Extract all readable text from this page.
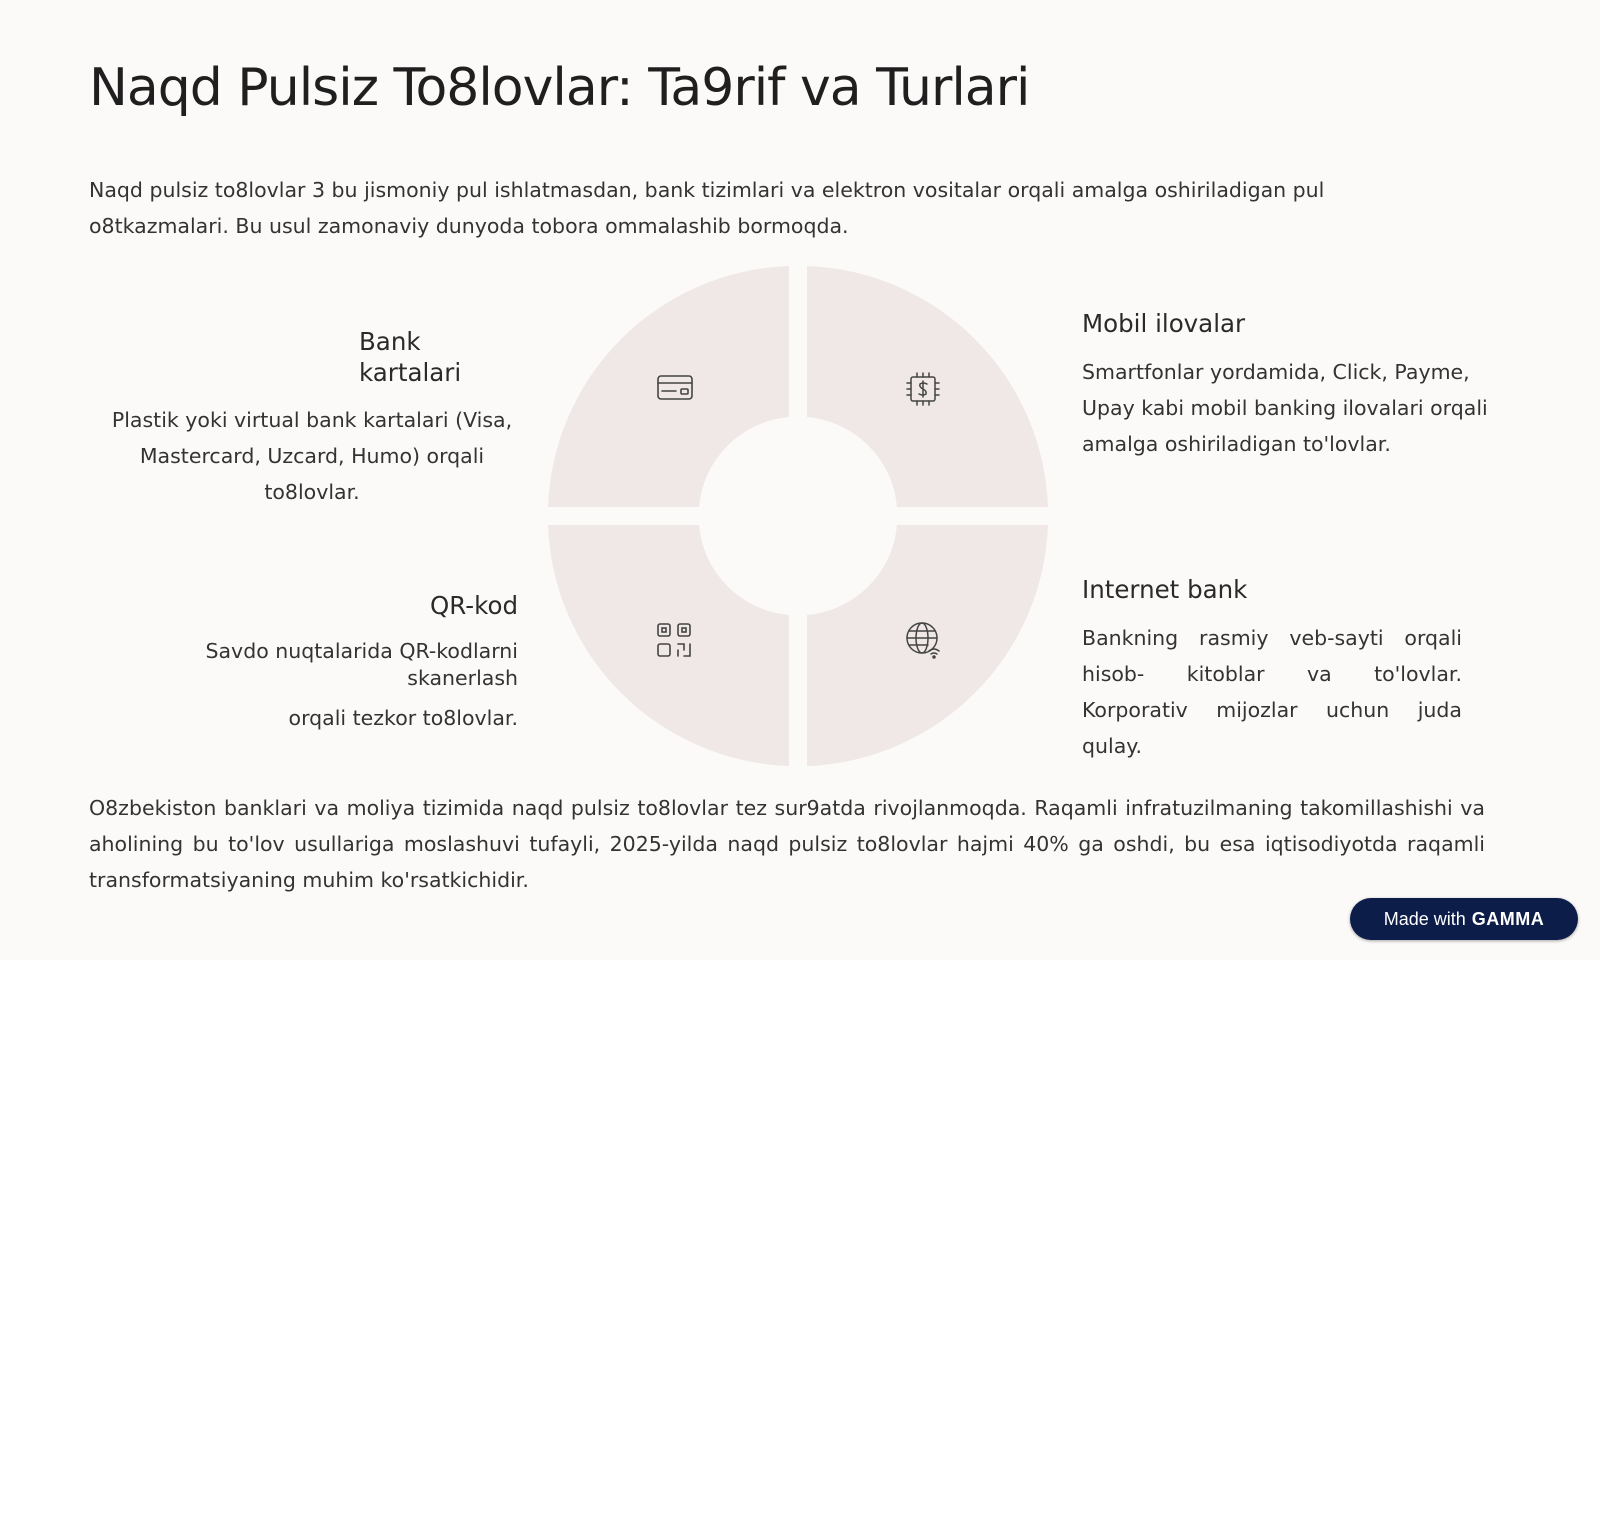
Naqd Pulsiz To8lovlar: Ta9rif va Turlari

Naqd pulsiz to8lovlar 3 bu jismoniy pul ishlatmasdan, bank tizimlari va elektron vositalar orqali amalga oshiriladigan pul o8tkazmalari. Bu usul zamonaviy dunyoda tobora ommalashib bormoqda.

Bank
kartalari

Plastik yoki virtual bank kartalari (Visa, Mastercard, Uzcard, Humo) orqali to8lovlar.

Mobil ilovalar

Smartfonlar yordamida, Click, Payme, Upay kabi mobil banking ilovalari orqali amalga oshiriladigan to'lovlar.

QR-kod

Savdo nuqtalarida QR-kodlarni skanerlash

orqali tezkor to8lovlar.

Internet bank

Bankning rasmiy veb-sayti orqali hisob- kitoblar va to'lovlar. Korporativ mijozlar uchun juda qulay.

O8zbekiston banklari va moliya tizimida naqd pulsiz to8lovlar tez sur9atda rivojlanmoqda. Raqamli infratuzilmaning takomillashishi va aholining bu to'lov usullariga moslashuvi tufayli, 2025-yilda naqd pulsiz to8lovlar hajmi 40% ga oshdi, bu esa iqtisodiyotda raqamli transformatsiyaning muhim ko'rsatkichidir.

Made with GAMMA
